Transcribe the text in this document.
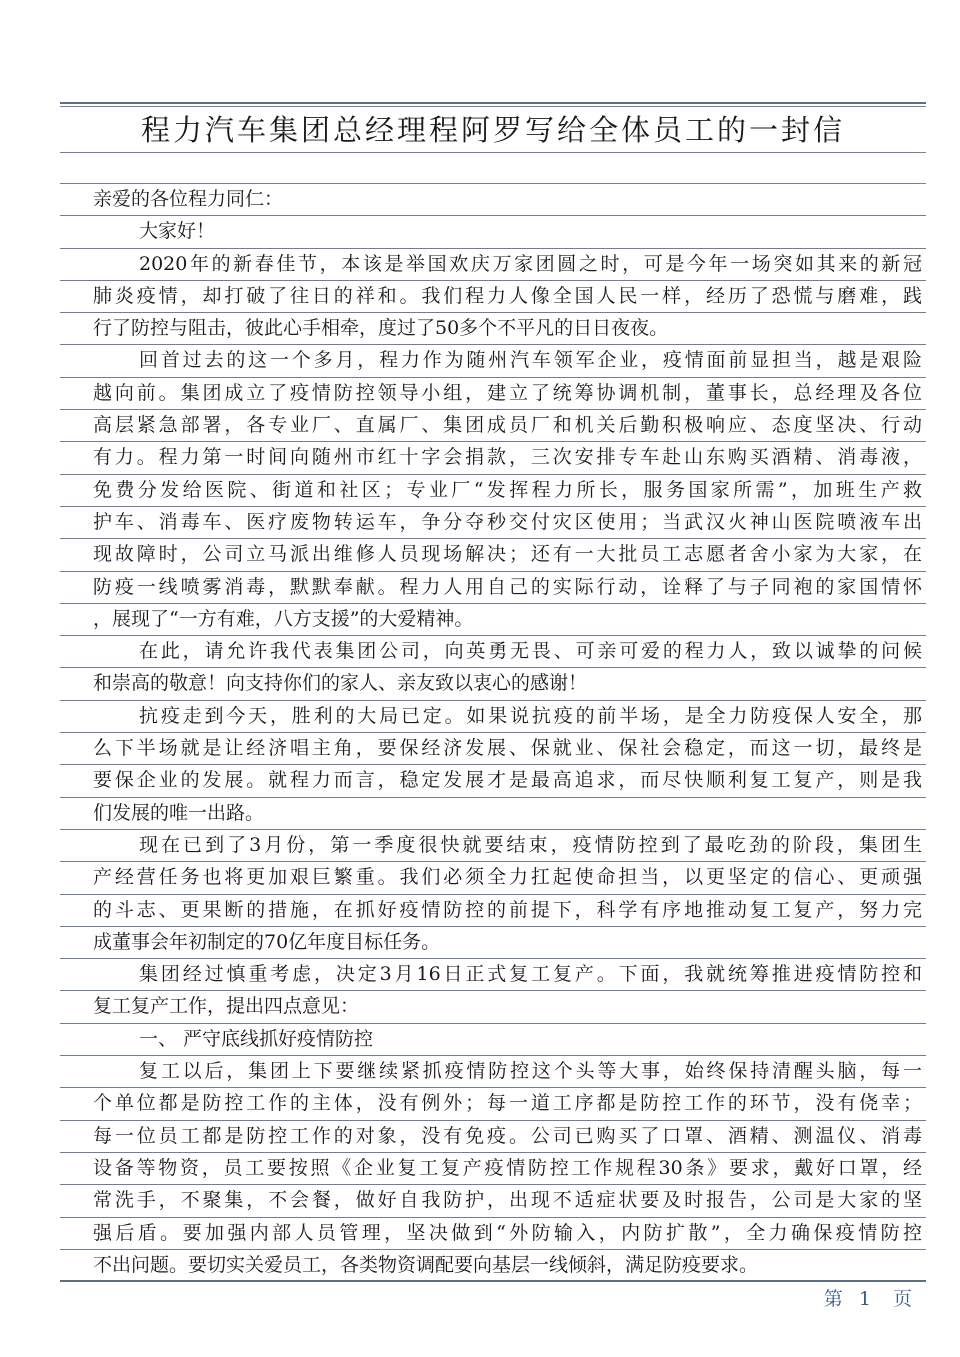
程力汽车集团总经理程阿罗写给全体员工的一封信
亲爱的各位程力同仁：
大家好！
2020年的新春佳节，本该是举国欢庆万家团圆之时，可是今年一场突如其来的新冠
肺炎疫情，却打破了往日的祥和。我们程力人像全国人民一样，经历了恐慌与磨难，践
行了防控与阻击，彼此心手相牵，度过了50多个不平凡的日日夜夜。
回首过去的这一个多月，程力作为随州汽车领军企业，疫情面前显担当，越是艰险
越向前。集团成立了疫情防控领导小组，建立了统筹协调机制，董事长，总经理及各位
高层紧急部署，各专业厂、直属厂、集团成员厂和机关后勤积极响应、态度坚决、行动
有力。程力第一时间向随州市红十字会捐款，三次安排专车赴山东购买酒精、消毒液，
免费分发给医院、街道和社区；专业厂“发挥程力所长，服务国家所需”，加班生产救
护车、消毒车、医疗废物转运车，争分夺秒交付灾区使用；当武汉火神山医院喷液车出
现故障时，公司立马派出维修人员现场解决；还有一大批员工志愿者舍小家为大家，在
防疫一线喷雾消毒，默默奉献。程力人用自己的实际行动，诠释了与子同袍的家国情怀
，展现了“一方有难，八方支援”的大爱精神。
在此，请允许我代表集团公司，向英勇无畏、可亲可爱的程力人，致以诚挚的问候
和崇高的敬意！向支持你们的家人、亲友致以衷心的感谢！
抗疫走到今天，胜利的大局已定。如果说抗疫的前半场，是全力防疫保人安全，那
么下半场就是让经济唱主角，要保经济发展、保就业、保社会稳定，而这一切，最终是
要保企业的发展。就程力而言，稳定发展才是最高追求，而尽快顺利复工复产，则是我
们发展的唯一出路。
现在已到了3月份，第一季度很快就要结束，疫情防控到了最吃劲的阶段，集团生
产经营任务也将更加艰巨繁重。我们必须全力扛起使命担当，以更坚定的信心、更顽强
的斗志、更果断的措施，在抓好疫情防控的前提下，科学有序地推动复工复产，努力完
成董事会年初制定的70亿年度目标任务。
集团经过慎重考虑，决定3月16日正式复工复产。下面，我就统筹推进疫情防控和
复工复产工作，提出四点意见：
一、 严守底线抓好疫情防控
复工以后，集团上下要继续紧抓疫情防控这个头等大事，始终保持清醒头脑，每一
个单位都是防控工作的主体，没有例外；每一道工序都是防控工作的环节，没有侥幸；
每一位员工都是防控工作的对象，没有免疫。公司已购买了口罩、酒精、测温仪、消毒
设备等物资，员工要按照《企业复工复产疫情防控工作规程30条》要求，戴好口罩，经
常洗手，不聚集，不会餐，做好自我防护，出现不适症状要及时报告，公司是大家的坚
强后盾。要加强内部人员管理，坚决做到“外防输入，内防扩散”，全力确保疫情防控
不出问题。要切实关爱员工，各类物资调配要向基层一线倾斜，满足防疫要求。
第 1 页
